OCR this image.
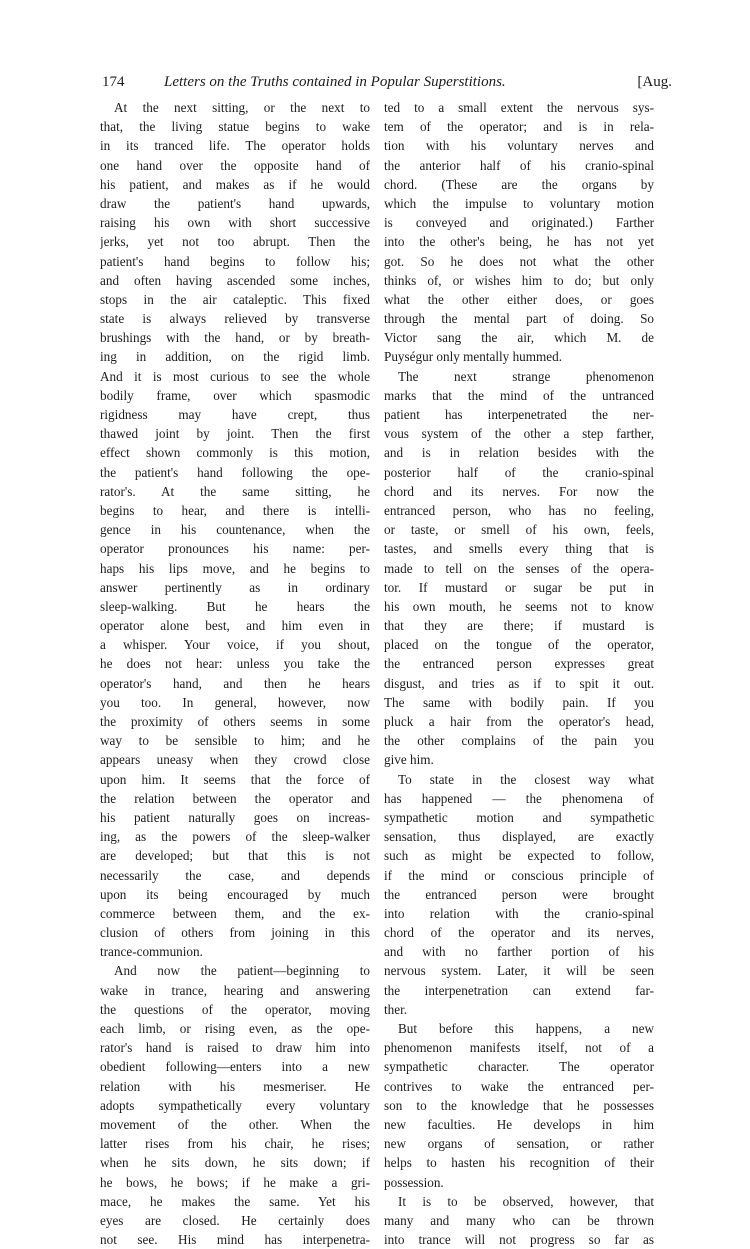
174	Letters on the Truths contained in Popular Superstitions.	[Aug.
At the next sitting, or the next to
that, the living statue begins to wake
in its tranced life. The operator holds
one hand over the opposite hand of
his patient, and makes as if he would
draw the patient's hand upwards,
raising his own with short successive
jerks, yet not too abrupt. Then the
patient's hand begins to follow his;
and often having ascended some inches,
stops in the air cataleptic. This fixed
state is always relieved by transverse
brushings with the hand, or by breath-
ing in addition, on the rigid limb.
And it is most curious to see the whole
bodily frame, over which spasmodic
rigidness may have crept, thus
thawed joint by joint. Then the first
effect shown commonly is this motion,
the patient's hand following the ope-
rator's. At the same sitting, he
begins to hear, and there is intelli-
gence in his countenance, when the
operator pronounces his name: per-
haps his lips move, and he begins to
answer pertinently as in ordinary
sleep-walking. But he hears the
operator alone best, and him even in
a whisper. Your voice, if you shout,
he does not hear: unless you take the
operator's hand, and then he hears
you too. In general, however, now
the proximity of others seems in some
way to be sensible to him; and he
appears uneasy when they crowd close
upon him. It seems that the force of
the relation between the operator and
his patient naturally goes on increas-
ing, as the powers of the sleep-walker
are developed; but that this is not
necessarily the case, and depends
upon its being encouraged by much
commerce between them, and the ex-
clusion of others from joining in this
trance-communion.
And now the patient—beginning to
wake in trance, hearing and answering
the questions of the operator, moving
each limb, or rising even, as the ope-
rator's hand is raised to draw him into
obedient following—enters into a new
relation with his mesmeriser. He
adopts sympathetically every voluntary
movement of the other. When the
latter rises from his chair, he rises;
when he sits down, he sits down; if
he bows, he bows; if he make a gri-
mace, he makes the same. Yet his
eyes are closed. He certainly does
not see. His mind has interpenetra-
ted to a small extent the nervous sys-
tem of the operator; and is in rela-
tion with his voluntary nerves and
the anterior half of his cranio-spinal
chord. (These are the organs by
which the impulse to voluntary motion
is conveyed and originated.) Farther
into the other's being, he has not yet
got. So he does not what the other
thinks of, or wishes him to do; but only
what the other either does, or goes
through the mental part of doing. So
Victor sang the air, which M. de
Puységur only mentally hummed.
The next strange phenomenon
marks that the mind of the untranced
patient has interpenetrated the ner-
vous system of the other a step farther,
and is in relation besides with the
posterior half of the cranio-spinal
chord and its nerves. For now the
entranced person, who has no feeling,
or taste, or smell of his own, feels,
tastes, and smells every thing that is
made to tell on the senses of the opera-
tor. If mustard or sugar be put in
his own mouth, he seems not to know
that they are there; if mustard is
placed on the tongue of the operator,
the entranced person expresses great
disgust, and tries as if to spit it out.
The same with bodily pain. If you
pluck a hair from the operator's head,
the other complains of the pain you
give him.
To state in the closest way what
has happened — the phenomena of
sympathetic motion and sympathetic
sensation, thus displayed, are exactly
such as might be expected to follow,
if the mind or conscious principle of
the entranced person were brought
into relation with the cranio-spinal
chord of the operator and its nerves,
and with no farther portion of his
nervous system. Later, it will be seen
the interpenetration can extend far-
ther.
But before this happens, a new
phenomenon manifests itself, not of a
sympathetic character. The operator
contrives to wake the entranced per-
son to the knowledge that he possesses
new faculties. He develops in him
new organs of sensation, or rather
helps to hasten his recognition of their
possession.
It is to be observed, however, that
many and many who can be thrown
into trance will not progress so far as
